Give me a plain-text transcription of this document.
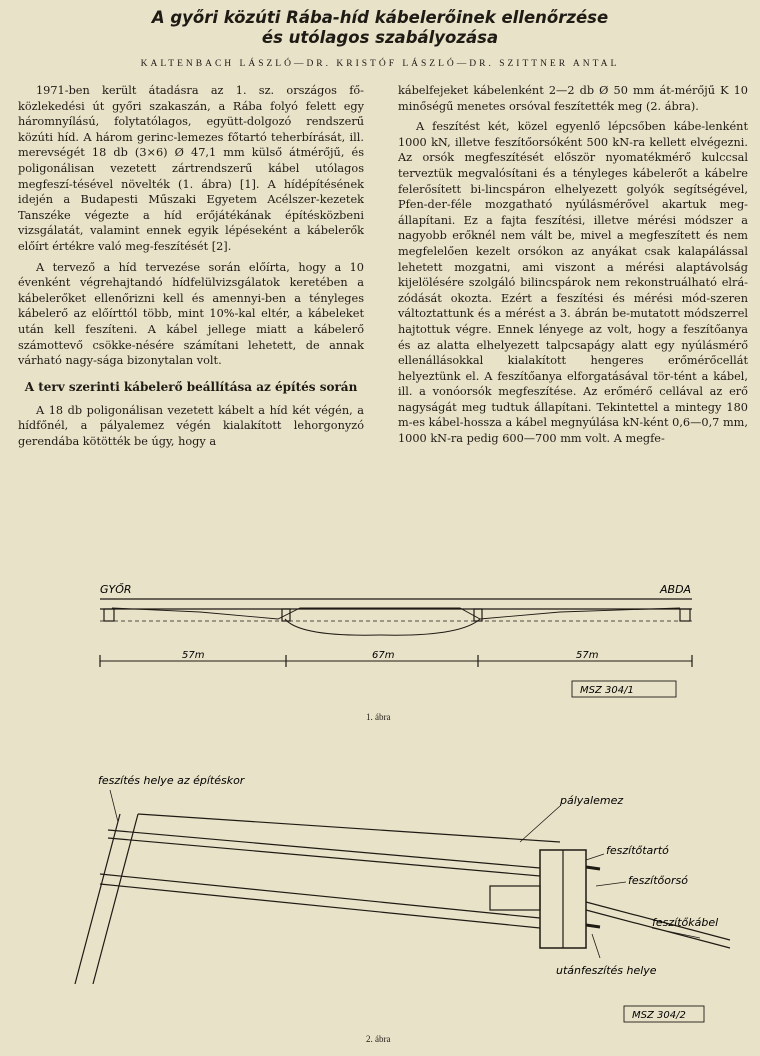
A győri közúti Rába-híd kábelerőinek ellenőrzése
és utólagos szabályozása
KALTENBACH LÁSZLÓ—DR. KRISTÓF LÁSZLÓ—DR. SZITTNER ANTAL

1971-ben került átadásra az 1. sz. országos fő-közlekedési út győri szakaszán, a Rába folyó felett egy háromnyílású, folytatólagos, együtt-dolgozó rendszerű közúti híd. A három gerinc-lemezes főtartó teherbírását, ill. merevségét 18 db (3×6) Ø 47,1 mm külső átmérőjű, és poligonálisan vezetett zártrendszerű kábel utólagos megfeszí-tésével növelték (1. ábra) [1]. A hídépítésének idején a Budapesti Műszaki Egyetem Acélszer-kezetek Tanszéke végezte a híd erőjátékának építésközbeni vizsgálatát, valamint ennek egyik lépéseként a kábelerők előírt értékre való meg-feszítését [2].

A tervező a híd tervezése során előírta, hogy a 10 évenként végrehajtandó hídfelülvizsgálatok keretében a kábelerőket ellenőrizni kell és amennyi-ben a tényleges kábelerő az előírttól több, mint 10%-kal eltér, a kábeleket után kell feszíteni. A kábel jellege miatt a kábelerő számottevő csökke-nésére számítani lehetett, de annak várható nagy-sága bizonytalan volt.

A terv szerinti kábelerő beállítása az építés során

A 18 db poligonálisan vezetett kábelt a híd két végén, a hídfőnél, a pályalemez végén kialakított lehorgonyzó gerendába kötötték be úgy, hogy a

kábelfejeket kábelenként 2—2 db Ø 50 mm át-mérőjű K 10 minőségű menetes orsóval feszítették meg (2. ábra).

A feszítést két, közel egyenlő lépcsőben kábe-lenként 1000 kN, illetve feszítőorsóként 500 kN-ra kellett elvégezni. Az orsók megfeszítését először nyomatékmérő kulccsal terveztük megvalósítani és a tényleges kábelerőt a kábelre felerősített bi-lincspáron elhelyezett golyók segítségével, Pfen-der-féle mozgatható nyúlásmérővel akartuk meg-állapítani. Ez a fajta feszítési, illetve mérési módszer a nagyobb erőknél nem vált be, mivel a megfeszített és nem megfelelően kezelt orsókon az anyákat csak kalapálással lehetett mozgatni, ami viszont a mérési alaptávolság kijelölésére szolgáló bilincspárok nem rekonstruálható elrá-zódását okozta. Ezért a feszítési és mérési mód-szeren változtattunk és a mérést a 3. ábrán be-mutatott módszerrel hajtottuk végre. Ennek lényege az volt, hogy a feszítőanya és az alatta elhelyezett talpcsapágy alatt egy nyúlásmérő ellenállásokkal kialakított hengeres erőmérőcellát helyeztünk el. A feszítőanya elforgatásával tör-tént a kábel, ill. a vonóorsók megfeszítése. Az erőmérő cellával az erő nagyságát meg tudtuk állapítani. Tekintettel a mintegy 180 m-es kábel-hossza a kábel megnyúlása kN-ként 0,6—0,7 mm, 1000 kN-ra pedig 600—700 mm volt. A megfe-

GYŐR	ABDA
57m	67m	57m
MSZ 304/1
1. ábra
feszítés helye az építéskor
pályalemez
feszítőtartó
feszítőorsó
feszítőkábel
utánfeszítés helye
MSZ 304/2
2. ábra
